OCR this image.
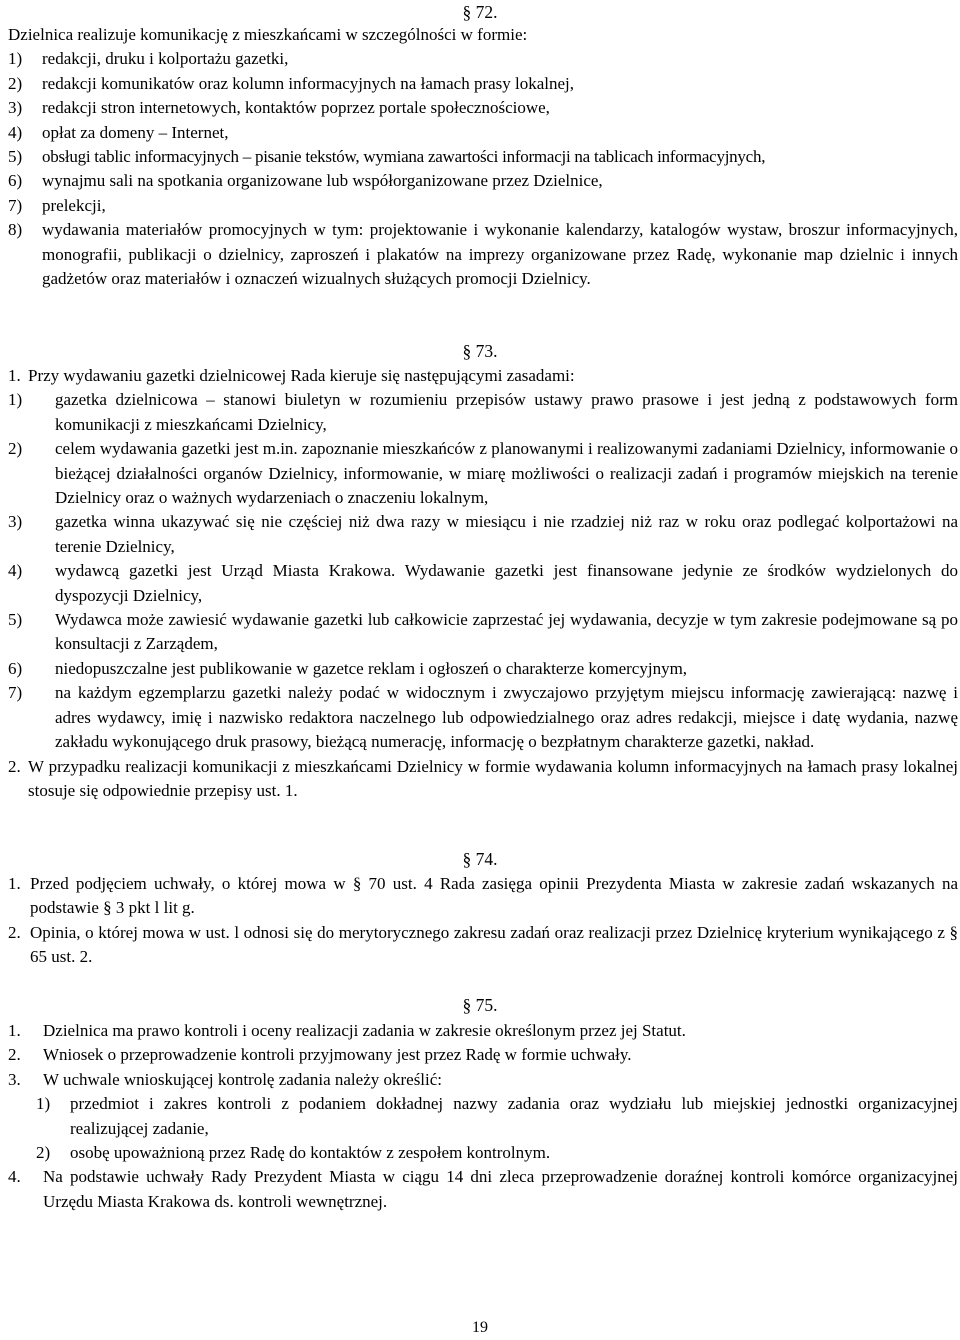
§ 72.
Dzielnica realizuje komunikację z mieszkańcami w szczególności w formie:
1)	redakcji, druku i kolportażu gazetki,
2)	redakcji komunikatów oraz kolumn informacyjnych na łamach prasy lokalnej,
3)	redakcji stron internetowych, kontaktów poprzez portale społecznościowe,
4)	opłat za domeny – Internet,
5)	obsługi tablic informacyjnych – pisanie tekstów, wymiana zawartości informacji na tablicach informacyjnych,
6)	wynajmu sali na spotkania organizowane lub współorganizowane przez Dzielnice,
7)	prelekcji,
8)	wydawania materiałów promocyjnych w tym: projektowanie i wykonanie kalendarzy, katalogów wystaw, broszur informacyjnych, monografii, publikacji o dzielnicy, zaproszeń i plakatów na imprezy organizowane przez Radę, wykonanie map dzielnic i innych gadżetów oraz materiałów i oznaczeń wizualnych służących promocji Dzielnicy.
§ 73.
1. Przy wydawaniu gazetki dzielnicowej Rada kieruje się następującymi zasadami:
1)	gazetka dzielnicowa – stanowi biuletyn w rozumieniu przepisów ustawy prawo prasowe i jest jedną z podstawowych form komunikacji z mieszkańcami Dzielnicy,
2)	celem wydawania gazetki jest m.in. zapoznanie mieszkańców z planowanymi i realizowanymi zadaniami Dzielnicy, informowanie o bieżącej działalności organów Dzielnicy, informowanie, w miarę możliwości o realizacji zadań i programów miejskich na terenie Dzielnicy oraz o ważnych wydarzeniach o znaczeniu lokalnym,
3)	gazetka winna ukazywać się nie częściej niż dwa razy w miesiącu i nie rzadziej niż raz w roku oraz podlegać kolportażowi na terenie Dzielnicy,
4)	wydawcą gazetki jest Urząd Miasta Krakowa. Wydawanie gazetki jest finansowane jedynie ze środków wydzielonych do dyspozycji Dzielnicy,
5)	Wydawca może zawiesić wydawanie gazetki lub całkowicie zaprzestać jej wydawania, decyzje w tym zakresie podejmowane są po konsultacji z Zarządem,
6)	niedopuszczalne jest publikowanie w gazetce reklam i ogłoszeń o charakterze komercyjnym,
7)	na każdym egzemplarzu gazetki należy podać w widocznym i zwyczajowo przyjętym miejscu informację zawierającą: nazwę i adres wydawcy, imię i nazwisko redaktora naczelnego lub odpowiedzialnego oraz adres redakcji, miejsce i datę wydania, nazwę zakładu wykonującego druk prasowy, bieżącą numerację, informację o bezpłatnym charakterze gazetki, nakład.
2. W przypadku realizacji komunikacji z mieszkańcami Dzielnicy w formie wydawania kolumn informacyjnych na łamach prasy lokalnej stosuje się odpowiednie przepisy ust. 1.
§ 74.
1. Przed podjęciem uchwały, o której mowa w § 70 ust. 4 Rada zasięga opinii Prezydenta Miasta w zakresie zadań wskazanych na podstawie § 3 pkt l lit g.
2. Opinia, o której mowa w ust. l odnosi się do merytorycznego zakresu zadań oraz realizacji przez Dzielnicę kryterium wynikającego z § 65 ust. 2.
§ 75.
1.	Dzielnica ma prawo kontroli i oceny realizacji zadania w zakresie określonym przez jej Statut.
2.	Wniosek o przeprowadzenie kontroli przyjmowany jest przez Radę w formie uchwały.
3.	W uchwale wnioskującej kontrolę zadania należy określić:
1)	przedmiot i zakres kontroli z podaniem dokładnej nazwy zadania oraz wydziału lub miejskiej jednostki organizacyjnej realizującej zadanie,
2)	osobę upoważnioną przez Radę do kontaktów z zespołem kontrolnym.
4.	Na podstawie uchwały Rady Prezydent Miasta w ciągu 14 dni zleca przeprowadzenie doraźnej kontroli komórce organizacyjnej Urzędu Miasta Krakowa ds. kontroli wewnętrznej.
19
